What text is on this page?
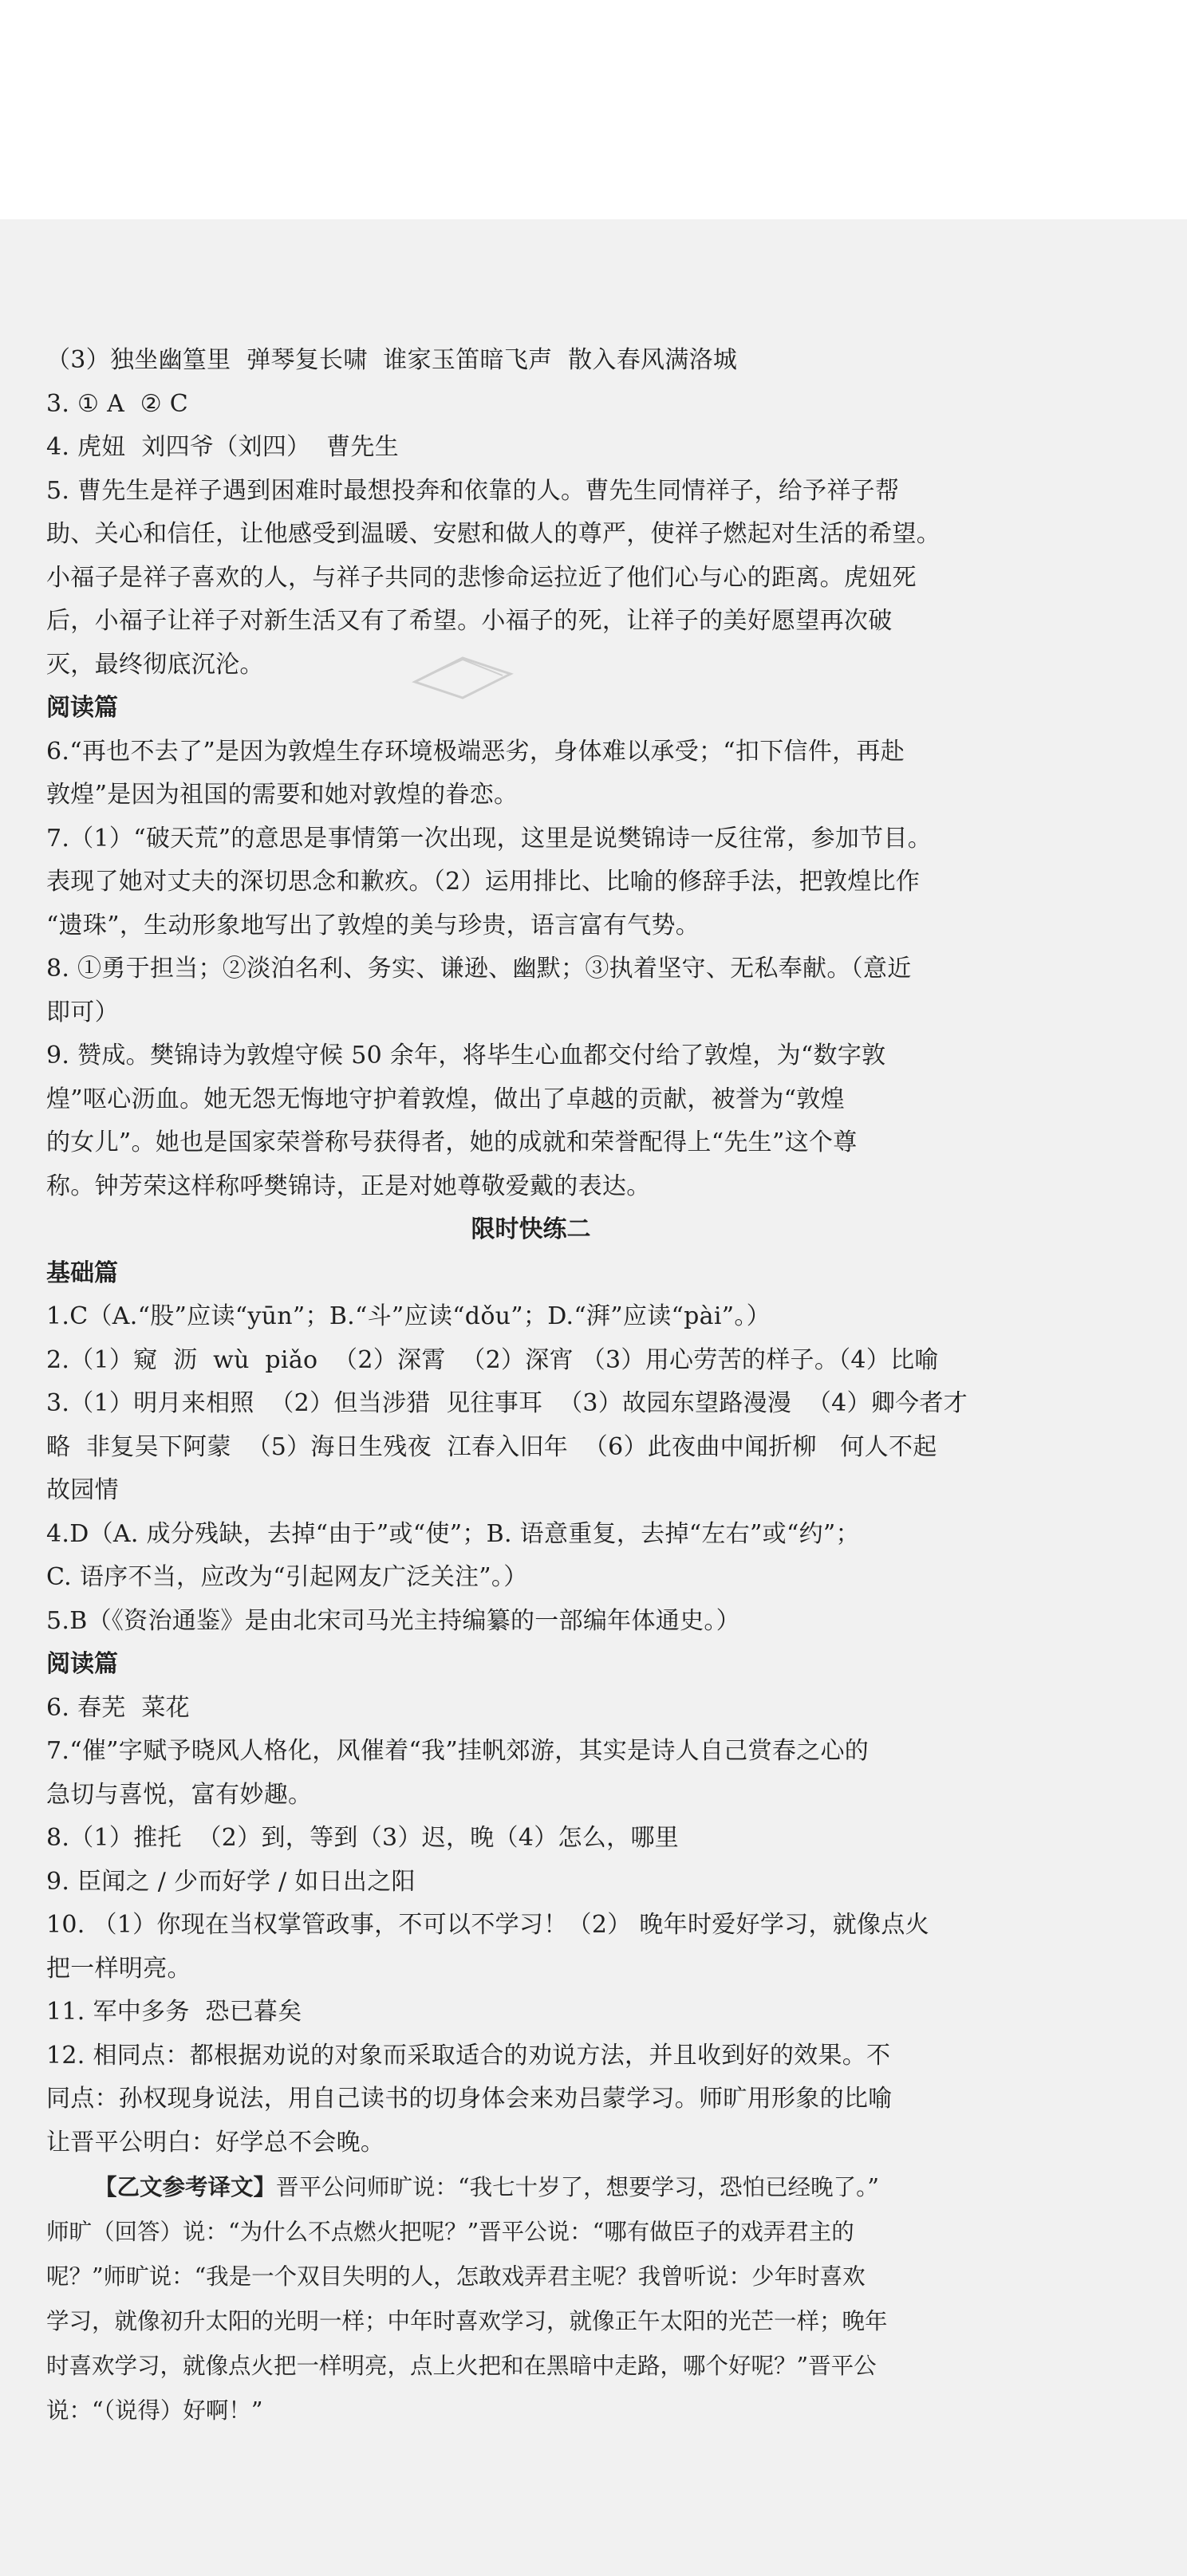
（3）独坐幽篁里  弹琴复长啸  谁家玉笛暗飞声  散入春风满洛城
3. ① A  ② C
4. 虎妞  刘四爷（刘四）  曹先生
5. 曹先生是祥子遇到困难时最想投奔和依靠的人。曹先生同情祥子，给予祥子帮
助、关心和信任，让他感受到温暖、安慰和做人的尊严，使祥子燃起对生活的希望。
小福子是祥子喜欢的人，与祥子共同的悲惨命运拉近了他们心与心的距离。虎妞死
后，小福子让祥子对新生活又有了希望。小福子的死，让祥子的美好愿望再次破
灭，最终彻底沉沦。
阅读篇
6.“再也不去了”是因为敦煌生存环境极端恶劣，身体难以承受；“扣下信件，再赴
敦煌”是因为祖国的需要和她对敦煌的眷恋。
7.（1）“破天荒”的意思是事情第一次出现，这里是说樊锦诗一反往常，参加节目。
表现了她对丈夫的深切思念和歉疚。（2）运用排比、比喻的修辞手法，把敦煌比作
“遗珠”，生动形象地写出了敦煌的美与珍贵，语言富有气势。
8. ①勇于担当；②淡泊名利、务实、谦逊、幽默；③执着坚守、无私奉献。（意近
即可）
9. 赞成。樊锦诗为敦煌守候 50 余年，将毕生心血都交付给了敦煌，为“数字敦
煌”呕心沥血。她无怨无悔地守护着敦煌，做出了卓越的贡献，被誉为“敦煌
的女儿”。她也是国家荣誉称号获得者，她的成就和荣誉配得上“先生”这个尊
称。钟芳荣这样称呼樊锦诗，正是对她尊敬爱戴的表达。
限时快练二
基础篇
1.C（A.“股”应读“yūn”；B.“斗”应读“dǒu”；D.“湃”应读“pài”。）
2.（1）窥  沥  wù  piǎo  （2）深霄  （2）深宵 （3）用心劳苦的样子。（4）比喻
3.（1）明月来相照  （2）但当涉猎  见往事耳  （3）故园东望路漫漫  （4）卿今者才
略  非复吴下阿蒙  （5）海日生残夜  江春入旧年  （6）此夜曲中闻折柳   何人不起
故园情
4.D（A. 成分残缺，去掉“由于”或“使”；B. 语意重复，去掉“左右”或“约”；
C. 语序不当，应改为“引起网友广泛关注”。）
5.B（《资治通鉴》是由北宋司马光主持编纂的一部编年体通史。）
阅读篇
6. 春芜  菜花
7.“催”字赋予晓风人格化，风催着“我”挂帆郊游，其实是诗人自己赏春之心的
急切与喜悦，富有妙趣。
8.（1）推托  （2）到，等到（3）迟，晚（4）怎么，哪里
9. 臣闻之 / 少而好学 / 如日出之阳
10. （1）你现在当权掌管政事，不可以不学习！（2） 晚年时爱好学习，就像点火
把一样明亮。
11. 军中多务  恐已暮矣
12. 相同点：都根据劝说的对象而采取适合的劝说方法，并且收到好的效果。不
同点：孙权现身说法，用自己读书的切身体会来劝吕蒙学习。师旷用形象的比喻
让晋平公明白：好学总不会晚。
【乙文参考译文】晋平公问师旷说：“我七十岁了，想要学习，恐怕已经晚了。”
师旷（回答）说：“为什么不点燃火把呢？”晋平公说：“哪有做臣子的戏弄君主的
呢？”师旷说：“我是一个双目失明的人，怎敢戏弄君主呢？我曾听说：少年时喜欢
学习，就像初升太阳的光明一样；中年时喜欢学习，就像正午太阳的光芒一样；晚年
时喜欢学习，就像点火把一样明亮，点上火把和在黑暗中走路，哪个好呢？”晋平公
说：“（说得）好啊！”
